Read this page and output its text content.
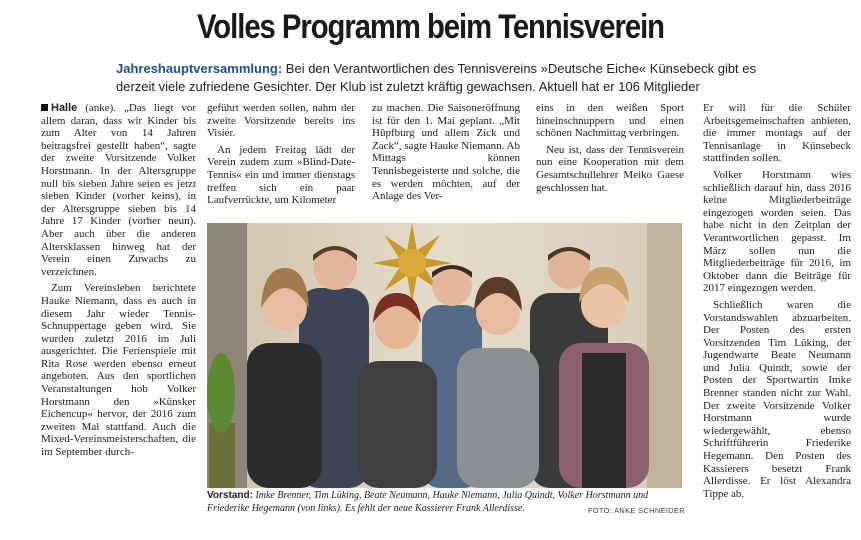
Volles Programm beim Tennisverein
Jahreshauptversammlung: Bei den Verantwortlichen des Tennisvereins »Deutsche Eiche« Künsebeck gibt es derzeit viele zufriedene Gesichter. Der Klub ist zuletzt kräftig gewachsen. Aktuell hat er 106 Mitglieder

Halle (anke). „Das liegt vor allem daran, dass wir Kinder bis zum Alter von 14 Jahren beitragsfrei gestellt haben“, sagte der zweite Vorsitzende Volker Horstmann. In der Altersgruppe null bis sieben Jahre seien es jetzt sieben Kinder (vorher keins), in der Altersgruppe sieben bis 14 Jahre 17 Kinder (vorher neun). Aber auch über die anderen Altersklassen hinweg hat der Verein einen Zuwachs zu verzeichnen.

Zum Vereinsleben berichtete Hauke Niemann, dass es auch in diesem Jahr wieder Tennis-Schnuppertage geben wird. Sie wurden zuletzt 2016 im Juli ausgerichtet. Die Ferienspiele mit Rita Rose werden ebenso erneut angeboten. Aus den sportlichen Veranstaltungen hob Volker Horstmann den »Künsker Eichencup« hervor, der 2016 zum zweiten Mal stattfand. Auch die Mixed-Vereinsmeisterschaften, die im September durch-

geführt werden sollen, nahm der zweite Vorsitzende bereits ins Visier.

An jedem Freitag lädt der Verein zudem zum »Blind-Date-Tennis« ein und immer dienstags treffen sich ein paar Laufverrückte, um Kilometer

zu machen. Die Saisoneröffnung ist für den 1. Mai geplant. „Mit Hüpfburg und allem Zick und Zack“, sagte Hauke Niemann. Ab Mittags können Tennisbegeisterte und solche, die es werden möchten, auf der Anlage des Ver-

eins in den weißen Sport hineinschnuppern und einen schönen Nachmittag verbringen.

Neu ist, dass der Tennisverein nun eine Kooperation mit dem Gesamtschullehrer Meiko Gaese geschlossen hat.

Er will für die Schüler Arbeitsgemeinschaften anbieten, die immer montags auf der Tennisanlage in Künsebeck stattfinden sollen.

Volker Horstmann wies schließlich darauf hin, dass 2016 keine Mitgliederbeiträge eingezogen worden seien. Das habe nicht in den Zeitplan der Verantwortlichen gepasst. Im März sollen nun die Mitgliederbeiträge für 2016, im Oktober dann die Beiträge für 2017 eingezogen werden.

Schließlich waren die Vorstandswahlen abzuarbeiten. Der Posten des ersten Vorsitzenden Tim Lüking, der Jugendwarte Beate Neumann und Julia Quindt, sowie der Posten der Sportwartin Imke Brenner standen nicht zur Wahl. Der zweite Vorsitzende Volker Horstmann wurde wiedergewählt, ebenso Schriftführerin Friederike Hegemann. Den Posten des Kassierers besetzt Frank Allerdisse. Er löst Alexandra Tippe ab.

Vorstand: Imke Brenner, Tim Lüking, Beate Neumann, Hauke Niemann, Julia Quindt, Volker Horstmann und Friederike Hegemann (von links). Es fehlt der neue Kassierer Frank Allerdisse.	FOTO: ANKE SCHNEIDER
